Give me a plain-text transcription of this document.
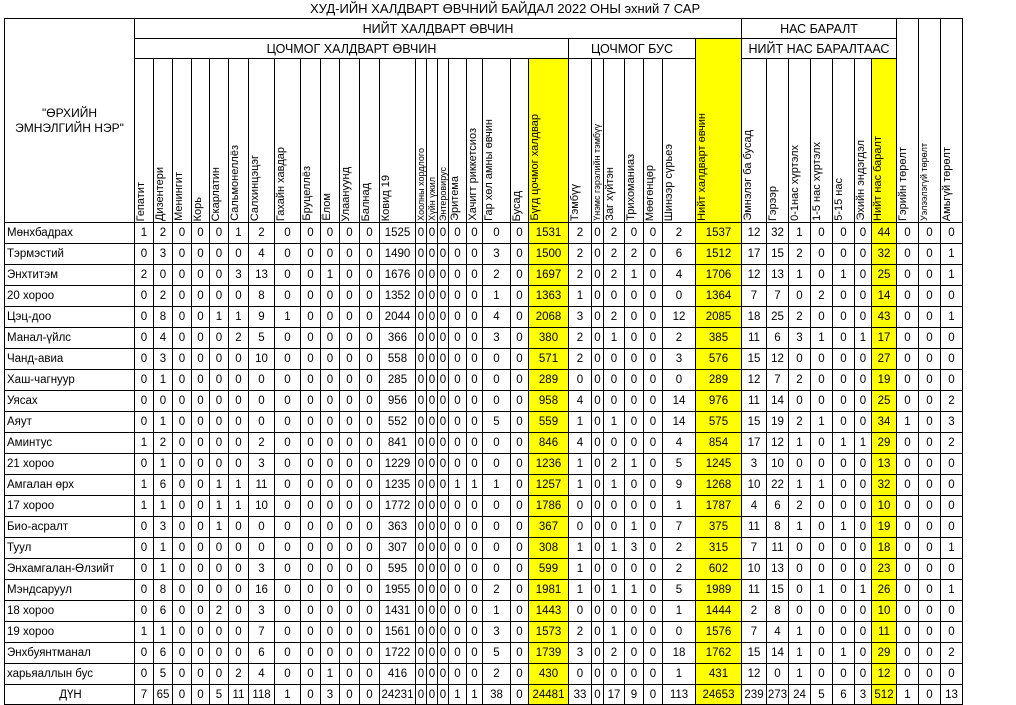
ХУД-ИЙН ХАЛДВАРТ ӨВЧНИЙ БАЙДАЛ 2022 ОНЫ эхний 7 САР
"ӨРХИЙН ЭМНЭЛГИЙН НЭР"	НИЙТ ХАЛДВАРТ ӨВЧИН																												НАС БАРАЛТ							Гэрийн төрөлт	Уэлээлэгүй төрөлт	Амьгүй төрөлт

	ЦОЧМОГ ХАЛДВАРТ ӨВЧИН																					ЦОЧМОГ БУС						Нийт халдварт өвчин	НИЙТ НАС БАРАЛТААС									

	Гепатит	Дизентери	Менингит	Корь	Скарлатин	Сальмонеллёз	Салхинцэцэг	Гахайн хавдар	Бруцеллёз	Ёлом	Улаануунд	Балнад	Ковид 19	Хоолны хордлого	Хүйн үжил	Энтеровирус	Эритема	Хачигт риккетсиоз	Гар хөл амны өвчин	Бусад	Бүгд цочмог халдвар	Тэмбүү	Үнэмс гэрэлийн тэмбүү	Заг хүйтэн	Трихоманиаз	Мөөгөнцөр	Шинээр сүрьеэ		Эмнэлэг ба бусад	Гэрээр	0-1нас хүртэлх	1-5 нас хүртэлх	5-15 нас	Эхийн эндэгдэл	Нийт нас баралт			

Мөнхбадрах	1	2	0	0	0	1	2	0	0	0	0	0	1525	0	0	0	0	0	0	0	1531	2	0	2	0	0	2	1537	12	32	1	0	0	0	44	0	0	0
Тэрмэстий	0	3	0	0	0	0	4	0	0	0	0	0	1490	0	0	0	0	0	3	0	1500	2	0	2	2	0	6	1512	17	15	2	0	0	0	32	0	0	1
Энхтитэм	2	0	0	0	0	3	13	0	0	1	0	0	1676	0	0	0	0	0	2	0	1697	2	0	2	1	0	4	1706	12	13	1	0	1	0	25	0	0	1
20 хороо	0	2	0	0	0	0	8	0	0	0	0	0	1352	0	0	0	0	0	1	0	1363	1	0	0	0	0	0	1364	7	7	0	2	0	0	14	0	0	0
Цэц-доо	0	8	0	0	1	1	9	1	0	0	0	0	2044	0	0	0	0	0	4	0	2068	3	0	2	0	0	12	2085	18	25	2	0	0	0	43	0	0	1
Манал-үйлс	0	4	0	0	0	2	5	0	0	0	0	0	366	0	0	0	0	0	3	0	380	2	0	1	0	0	2	385	11	6	3	1	0	1	17	0	0	0
Чанд-авиа	0	3	0	0	0	0	10	0	0	0	0	0	558	0	0	0	0	0	0	0	571	2	0	0	0	0	3	576	15	12	0	0	0	0	27	0	0	0
Хаш-чагнуур	0	1	0	0	0	0	0	0	0	0	0	0	285	0	0	0	0	0	0	0	289	0	0	0	0	0	0	289	12	7	2	0	0	0	19	0	0	0
Уясах	0	0	0	0	0	0	0	0	0	0	0	0	956	0	0	0	0	0	0	0	958	4	0	0	0	0	14	976	11	14	0	0	0	0	25	0	0	2
Аяут	0	1	0	0	0	0	0	0	0	0	0	0	552	0	0	0	0	0	5	0	559	1	0	1	0	0	14	575	15	19	2	1	0	0	34	1	0	3
Аминтус	1	2	0	0	0	0	2	0	0	0	0	0	841	0	0	0	0	0	0	0	846	4	0	0	0	0	4	854	17	12	1	0	1	1	29	0	0	2
21 хороо	0	1	0	0	0	0	3	0	0	0	0	0	1229	0	0	0	0	0	0	0	1236	1	0	2	1	0	5	1245	3	10	0	0	0	0	13	0	0	0
Амгалан өрх	1	6	0	0	1	1	11	0	0	0	0	0	1235	0	0	0	1	1	1	0	1257	1	0	1	0	0	9	1268	10	22	1	1	0	0	32	0	0	0
17 хороо	1	1	0	0	1	1	10	0	0	0	0	0	1772	0	0	0	0	0	0	0	1786	0	0	0	0	0	1	1787	4	6	2	0	0	0	10	0	0	0
Био-асралт	0	3	0	0	1	0	0	0	0	0	0	0	363	0	0	0	0	0	0	0	367	0	0	0	1	0	7	375	11	8	1	0	1	0	19	0	0	0
Туул	0	1	0	0	0	0	0	0	0	0	0	0	307	0	0	0	0	0	0	0	308	1	0	1	3	0	2	315	7	11	0	0	0	0	18	0	0	1
Энхамгалан-Өлзийт	0	1	0	0	0	0	3	0	0	0	0	0	595	0	0	0	0	0	0	0	599	1	0	0	0	0	2	602	10	13	0	0	0	0	23	0	0	0
Мэндсаруул	0	8	0	0	0	0	16	0	0	0	0	0	1955	0	0	0	0	0	2	0	1981	1	0	1	1	0	5	1989	11	15	0	1	0	1	26	0	0	1
18 хороо	0	6	0	0	2	0	3	0	0	0	0	0	1431	0	0	0	0	0	1	0	1443	0	0	0	0	0	1	1444	2	8	0	0	0	0	10	0	0	0
19 хороо	1	1	0	0	0	0	7	0	0	0	0	0	1561	0	0	0	0	0	3	0	1573	2	0	1	0	0	0	1576	7	4	1	0	0	0	11	0	0	0
Энхбуянтманал	0	6	0	0	0	0	6	0	0	0	0	0	1722	0	0	0	0	0	5	0	1739	3	0	2	0	0	18	1762	15	14	1	0	1	0	29	0	0	2
харьяаллын бус	0	5	0	0	0	2	4	0	0	1	0	0	416	0	0	0	0	0	2	0	430	0	0	0	0	0	1	431	12	0	1	0	0	0	12	0	0	0
ДҮН	7	65	0	0	5	11	118	1	0	3	0	0	24231	0	0	0	1	1	38	0	24481	33	0	17	9	0	113	24653	239	273	24	5	6	3	512	1	0	13
